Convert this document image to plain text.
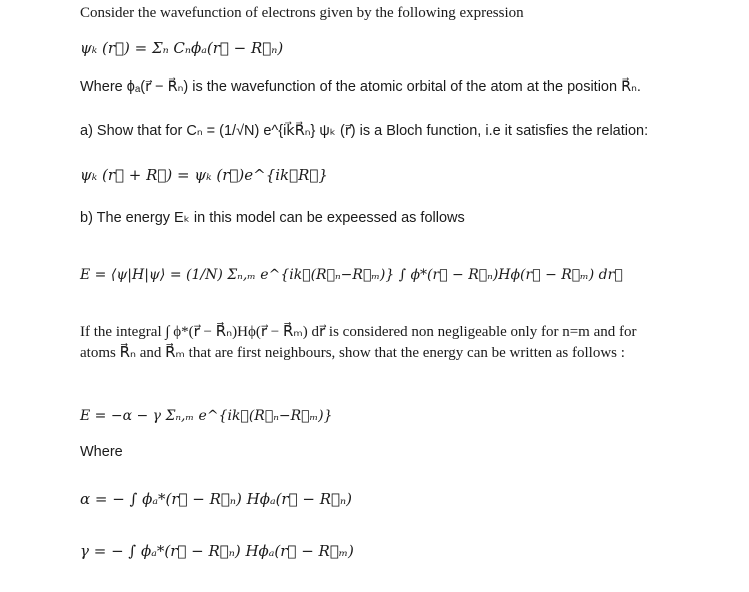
Consider the wavefunction of electrons given by the following expression
ψₖ (r⃗) = Σₙ Cₙϕₐ(r⃗ − R⃗ₙ)
Where ϕₐ(r⃗ − R⃗ₙ) is the wavefunction of the atomic orbital of the atom at the position R⃗ₙ.
a) Show that for Cₙ = (1/√N) e^{ik⃗R⃗ₙ} ψₖ (r⃗) is a Bloch function, i.e it satisfies the relation:
ψₖ (r⃗ + R⃗) = ψₖ (r⃗)e^{ik⃗R⃗}
b) The energy Eₖ in this model can be expeessed as follows
E = ⟨ψ|H|ψ⟩ = (1/N) Σₙ,ₘ e^{ik⃗(R⃗ₙ−R⃗ₘ)} ∫ ϕ*(r⃗ − R⃗ₙ)Hϕ(r⃗ − R⃗ₘ) dr⃗
If the integral ∫ ϕ*(r⃗ − R⃗ₙ)Hϕ(r⃗ − R⃗ₘ) dr⃗ is considered non negligeable only for n=m and for atoms R⃗ₙ and R⃗ₘ that are first neighbours, show that the energy can be written as follows :
E = −α − γ Σₙ,ₘ e^{ik⃗(R⃗ₙ−R⃗ₘ)}
Where
α = − ∫ ϕₐ*(r⃗ − R⃗ₙ) Hϕₐ(r⃗ − R⃗ₙ)
γ = − ∫ ϕₐ*(r⃗ − R⃗ₙ) Hϕₐ(r⃗ − R⃗ₘ)
